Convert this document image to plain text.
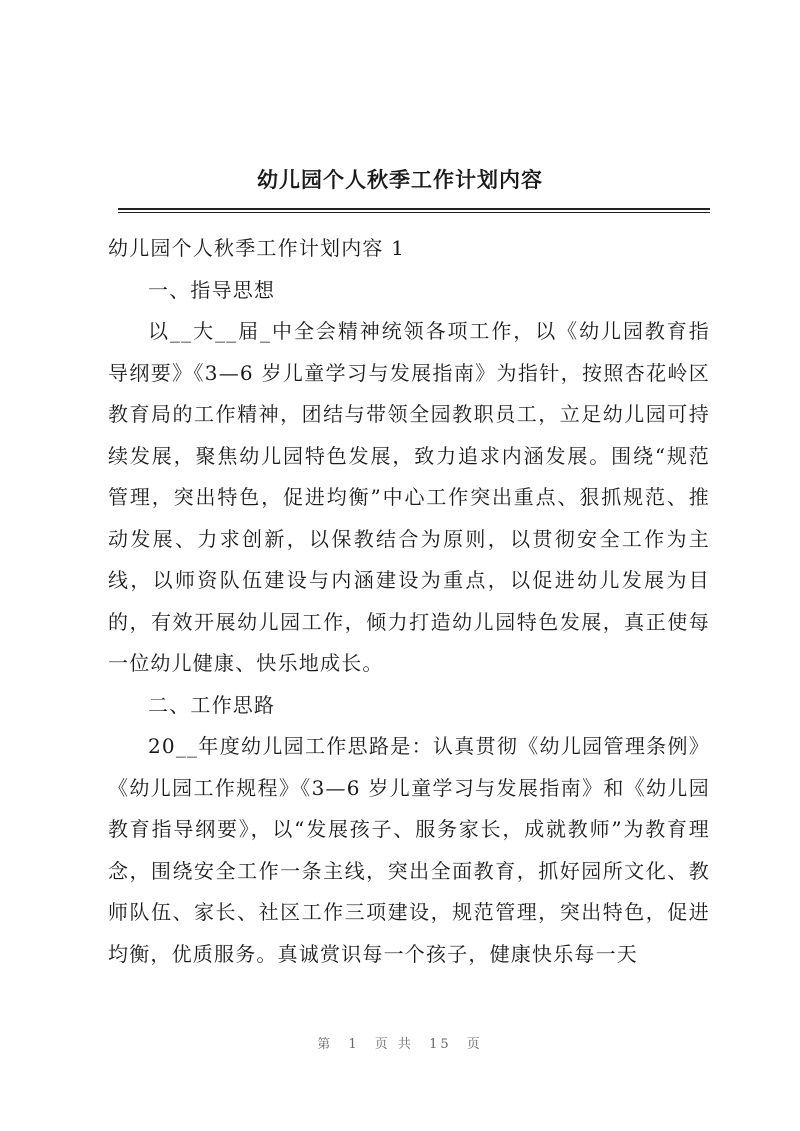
幼儿园个人秋季工作计划内容

幼儿园个人秋季工作计划内容 1

一、指导思想

以__大__届_中全会精神统领各项工作，以《幼儿园教育指导纲要》《3—6 岁儿童学习与发展指南》为指针，按照杏花岭区教育局的工作精神，团结与带领全园教职员工，立足幼儿园可持续发展，聚焦幼儿园特色发展，致力追求内涵发展。围绕“规范管理，突出特色，促进均衡”中心工作突出重点、狠抓规范、推动发展、力求创新，以保教结合为原则，以贯彻安全工作为主线，以师资队伍建设与内涵建设为重点，以促进幼儿发展为目的，有效开展幼儿园工作，倾力打造幼儿园特色发展，真正使每一位幼儿健康、快乐地成长。

二、工作思路

20__年度幼儿园工作思路是：认真贯彻《幼儿园管理条例》《幼儿园工作规程》《3—6 岁儿童学习与发展指南》和《幼儿园教育指导纲要》，以“发展孩子、服务家长，成就教师”为教育理念，围绕安全工作一条主线，突出全面教育，抓好园所文化、教师队伍、家长、社区工作三项建设，规范管理，突出特色，促进均衡，优质服务。真诚赏识每一个孩子，健康快乐每一天

第 1 页 共 15 页
